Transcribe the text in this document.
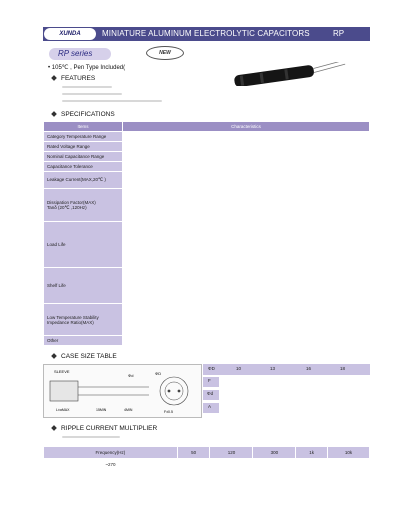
XUNDA	MINIATURE ALUMINUM ELECTROLYTIC CAPACITORS	RP
RP series	NEW
• 105℃ , Pen Type Included(
FEATURES
SPECIFICATIONS
Items	Characteristics
Category Temperature Range	
Rated Voltage Range	
Nominal Capacitance Range	
Capacitance Tolerance	
Leakage Current(MAX,20℃ )	
Dissipation Factor(MAX)
Tanδ (20℃ ,120Hz)	
Load Life	
Shelf Life	
Low Temperature Stability
Impedance Ratio(MAX)	
Other	
CASE SIZE TABLE
SLEEVE
L±αMAX	15MIN	4MIN
Φd	ΦD
F±0.5
ΦD	10	13	16	18
F
Φd
A
RIPPLE CURRENT MULTIPLIER
Frequency(Hz)	50	120	300	1k	10k
~270					
